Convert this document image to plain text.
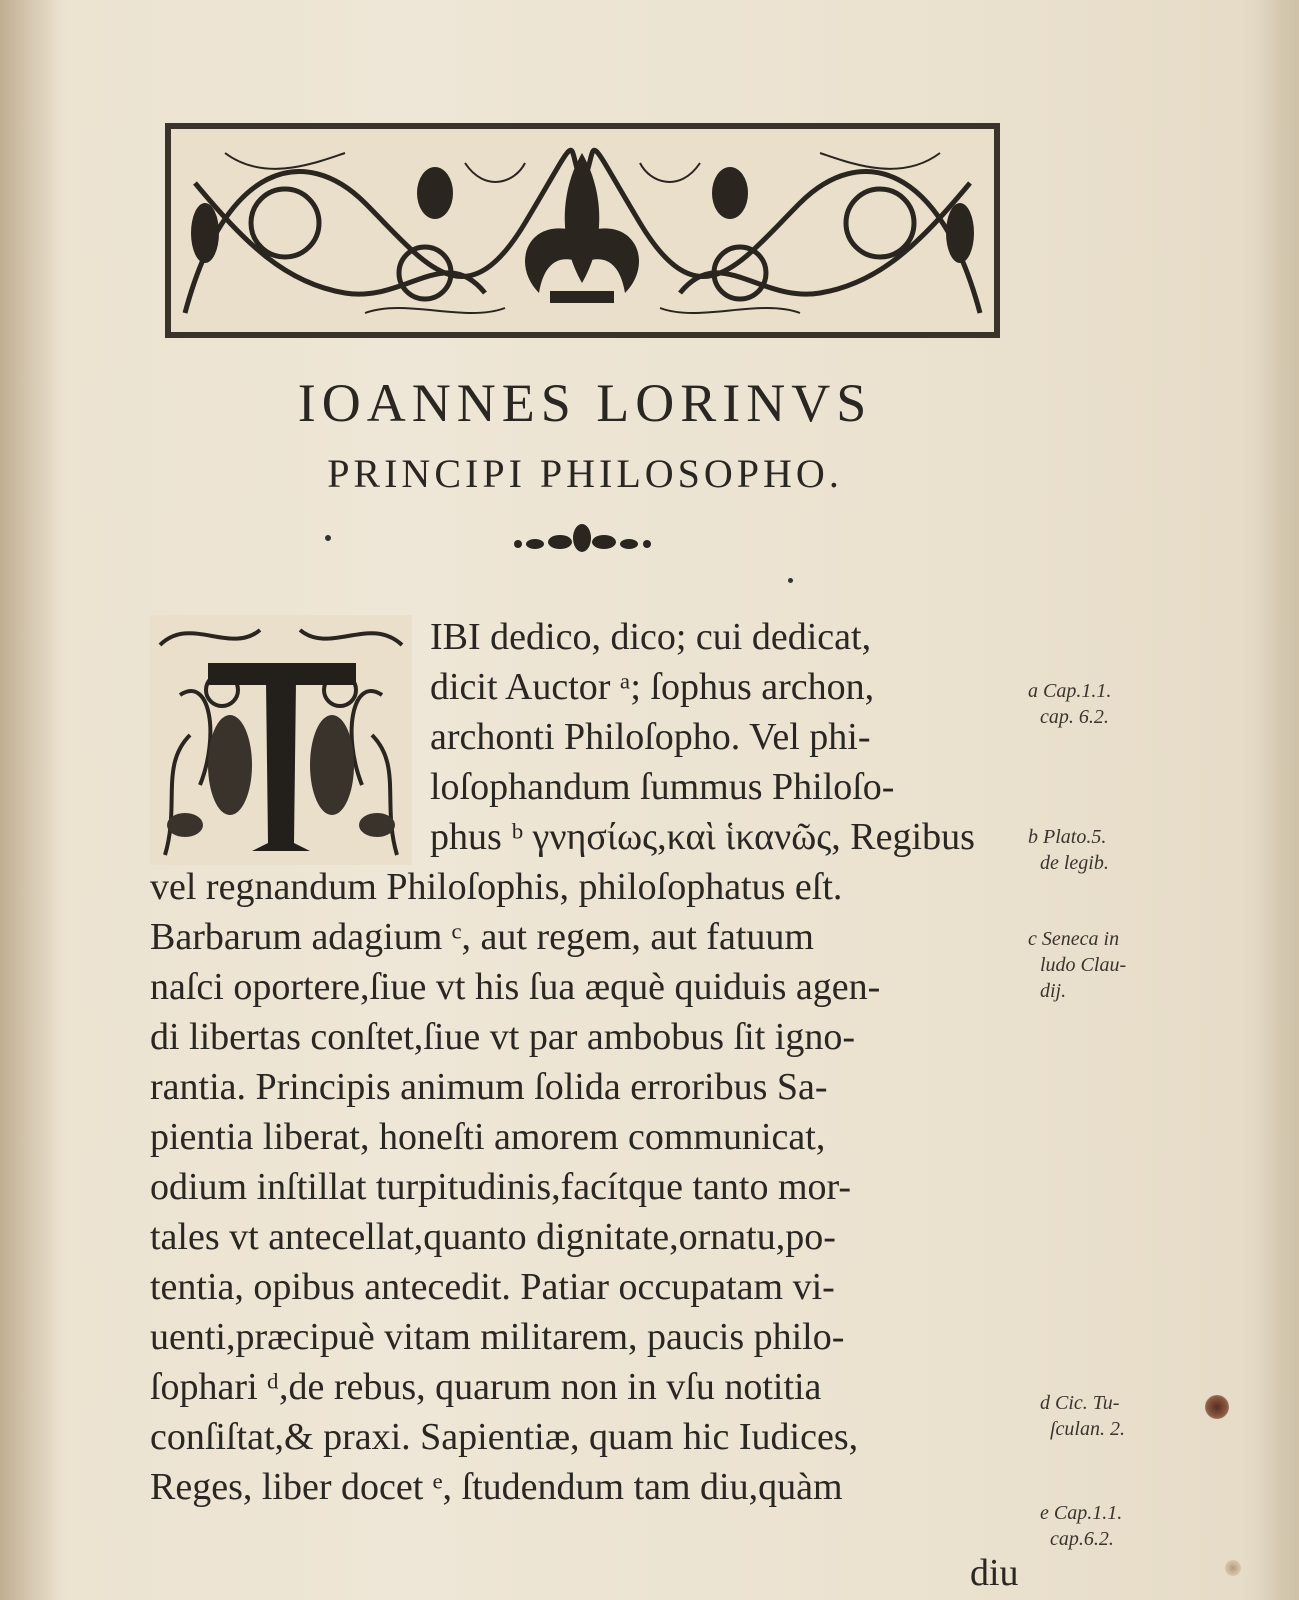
IOANNES LORINVS
PRINCIPI PHILOSOPHO.
IBI dedico, dico; cui dedicat,
dicit Auctor ᵃ; ſophus archon,
archonti Philoſopho. Vel phi-
loſophandum ſummus Philoſo-
phus ᵇ γνησίως,καὶ ἱκανῶς, Regibus
vel regnandum Philoſophis, philoſophatus eſt.
Barbarum adagium ᶜ, aut regem, aut fatuum
naſci oportere,ſiue vt his ſua æquè quiduis agen-
di libertas conſtet,ſiue vt par ambobus ſit igno-
rantia. Principis animum ſolida erroribus Sa-
pientia liberat, honeſti amorem communicat,
odium inſtillat turpitudinis,facítque tanto mor-
tales vt antecellat,quanto dignitate,ornatu,po-
tentia, opibus antecedit. Patiar occupatam vi-
uenti,præcipuè vitam militarem, paucis philo-
ſophari ᵈ,de rebus, quarum non in vſu notitia
conſiſtat,& praxi. Sapientiæ, quam hic Iudices,
Reges, liber docet ᵉ, ſtudendum tam diu,quàm
diu
a Cap.1.1.
cap. 6.2.
b Plato.5.
de legib.
c Seneca in
ludo Clau-
dij.
d Cic. Tu-
ſculan. 2.
e Cap.1.1.
cap.6.2.
